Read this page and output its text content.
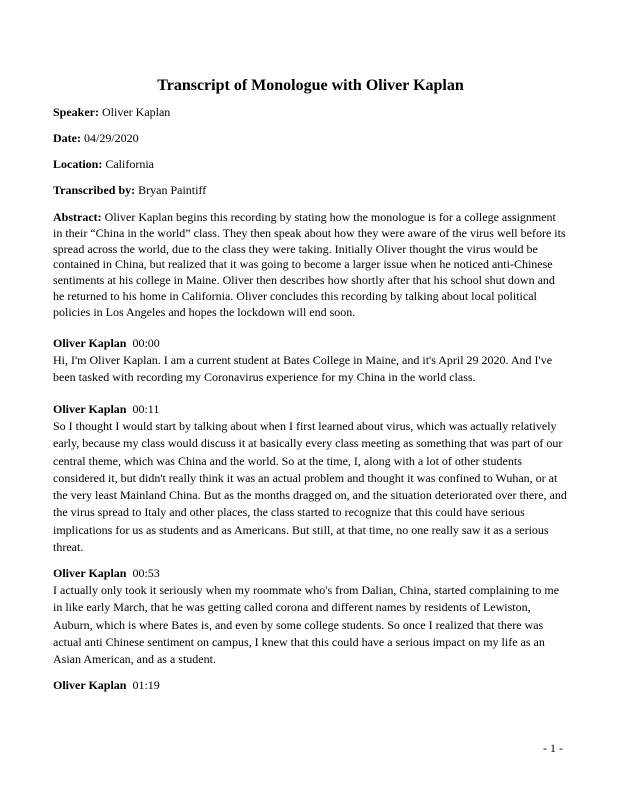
Transcript of Monologue with Oliver Kaplan
Speaker: Oliver Kaplan
Date: 04/29/2020
Location: California
Transcribed by: Bryan Paintiff
Abstract: Oliver Kaplan begins this recording by stating how the monologue is for a college assignment in their “China in the world” class. They then speak about how they were aware of the virus well before its spread across the world, due to the class they were taking. Initially Oliver thought the virus would be contained in China, but realized that it was going to become a larger issue when he noticed anti-Chinese sentiments at his college in Maine. Oliver then describes how shortly after that his school shut down and he returned to his home in California. Oliver concludes this recording by talking about local political policies in Los Angeles and hopes the lockdown will end soon.
Oliver Kaplan 00:00
Hi, I'm Oliver Kaplan. I am a current student at Bates College in Maine, and it's April 29 2020. And I've been tasked with recording my Coronavirus experience for my China in the world class.
Oliver Kaplan 00:11
So I thought I would start by talking about when I first learned about virus, which was actually relatively early, because my class would discuss it at basically every class meeting as something that was part of our central theme, which was China and the world. So at the time, I, along with a lot of other students considered it, but didn't really think it was an actual problem and thought it was confined to Wuhan, or at the very least Mainland China. But as the months dragged on, and the situation deteriorated over there, and the virus spread to Italy and other places, the class started to recognize that this could have serious implications for us as students and as Americans. But still, at that time, no one really saw it as a serious threat.
Oliver Kaplan 00:53
I actually only took it seriously when my roommate who's from Dalian, China, started complaining to me in like early March, that he was getting called corona and different names by residents of Lewiston, Auburn, which is where Bates is, and even by some college students. So once I realized that there was actual anti Chinese sentiment on campus, I knew that this could have a serious impact on my life as an Asian American, and as a student.
Oliver Kaplan 01:19
- 1 -
